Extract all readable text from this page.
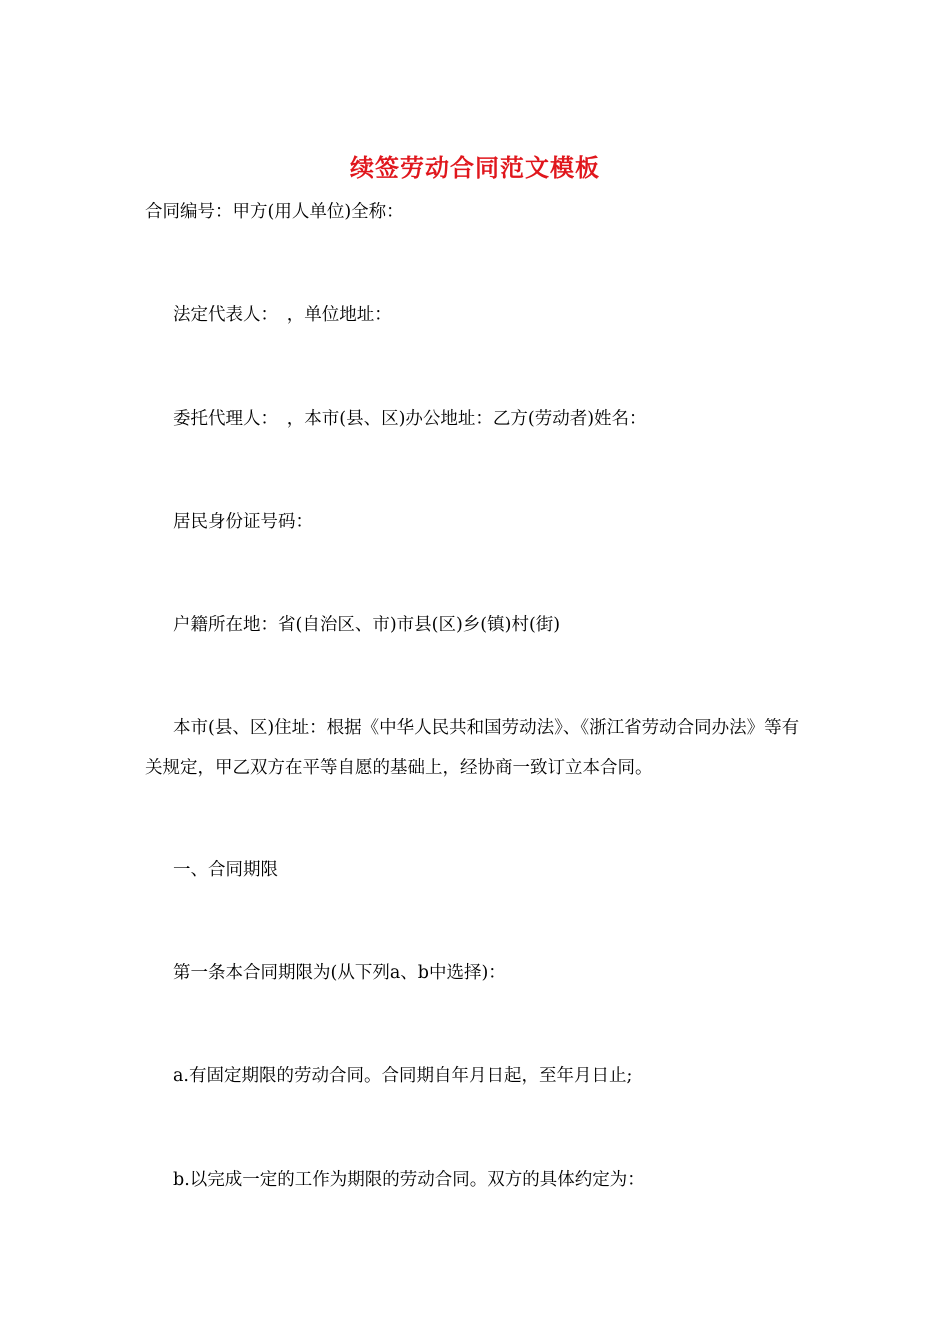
续签劳动合同范文模板
合同编号：甲方(用人单位)全称：
法定代表人：　，单位地址：
委托代理人：　，本市(县、区)办公地址：乙方(劳动者)姓名：
居民身份证号码：
户籍所在地：省(自治区、市)市县(区)乡(镇)村(街)
本市(县、区)住址：根据《中华人民共和国劳动法》、《浙江省劳动合同办法》等有关规定，甲乙双方在平等自愿的基础上，经协商一致订立本合同。
一、合同期限
第一条本合同期限为(从下列a、b中选择)：
a.有固定期限的劳动合同。合同期自年月日起，至年月日止;
b.以完成一定的工作为期限的劳动合同。双方的具体约定为：
